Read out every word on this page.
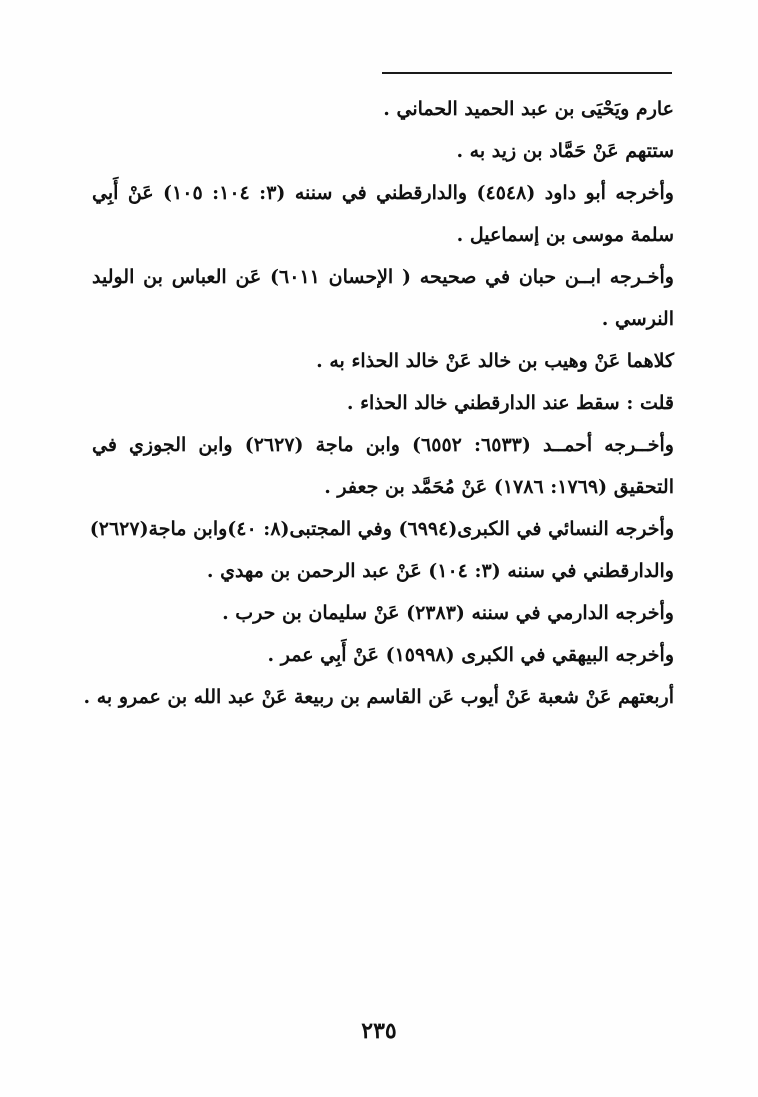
عارم ويَحْيَى بن عبد الحميد الحماني .
ستتهم عَنْ حَمَّاد بن زيد به .
وأخرجه أبو داود (٤٥٤٨) والدارقطني في سننه (٣: ١٠٤: ١٠٥) عَنْ أَبِي
سلمة موسى بن إسماعيل .
وأخـرجه ابــن حبان في صحيحه ( الإحسان ٦٠١١) عَن العباس بن الوليد
النرسي .
كلاهما عَنْ وهيب بن خالد عَنْ خالد الحذاء به .
قلت : سقط عند الدارقطني خالد الحذاء .
وأخــرجه أحمــد (٦٥٣٣: ٦٥٥٢) وابن ماجة (٢٦٢٧) وابن الجوزي في
التحقيق (١٧٦٩: ١٧٨٦) عَنْ مُحَمَّد بن جعفر .
وأخرجه النسائي في الكبرى(٦٩٩٤) وفي المجتبى(٨: ٤٠)وابن ماجة(٢٦٢٧)
والدارقطني في سننه (٣: ١٠٤) عَنْ عبد الرحمن بن مهدي .
وأخرجه الدارمي في سننه (٢٣٨٣) عَنْ سليمان بن حرب .
وأخرجه البيهقي في الكبرى (١٥٩٩٨) عَنْ أَبِي عمر .
أربعتهم عَنْ شعبة عَنْ أيوب عَن القاسم بن ربيعة عَنْ عبد الله بن عمرو به .
٢٣٥
